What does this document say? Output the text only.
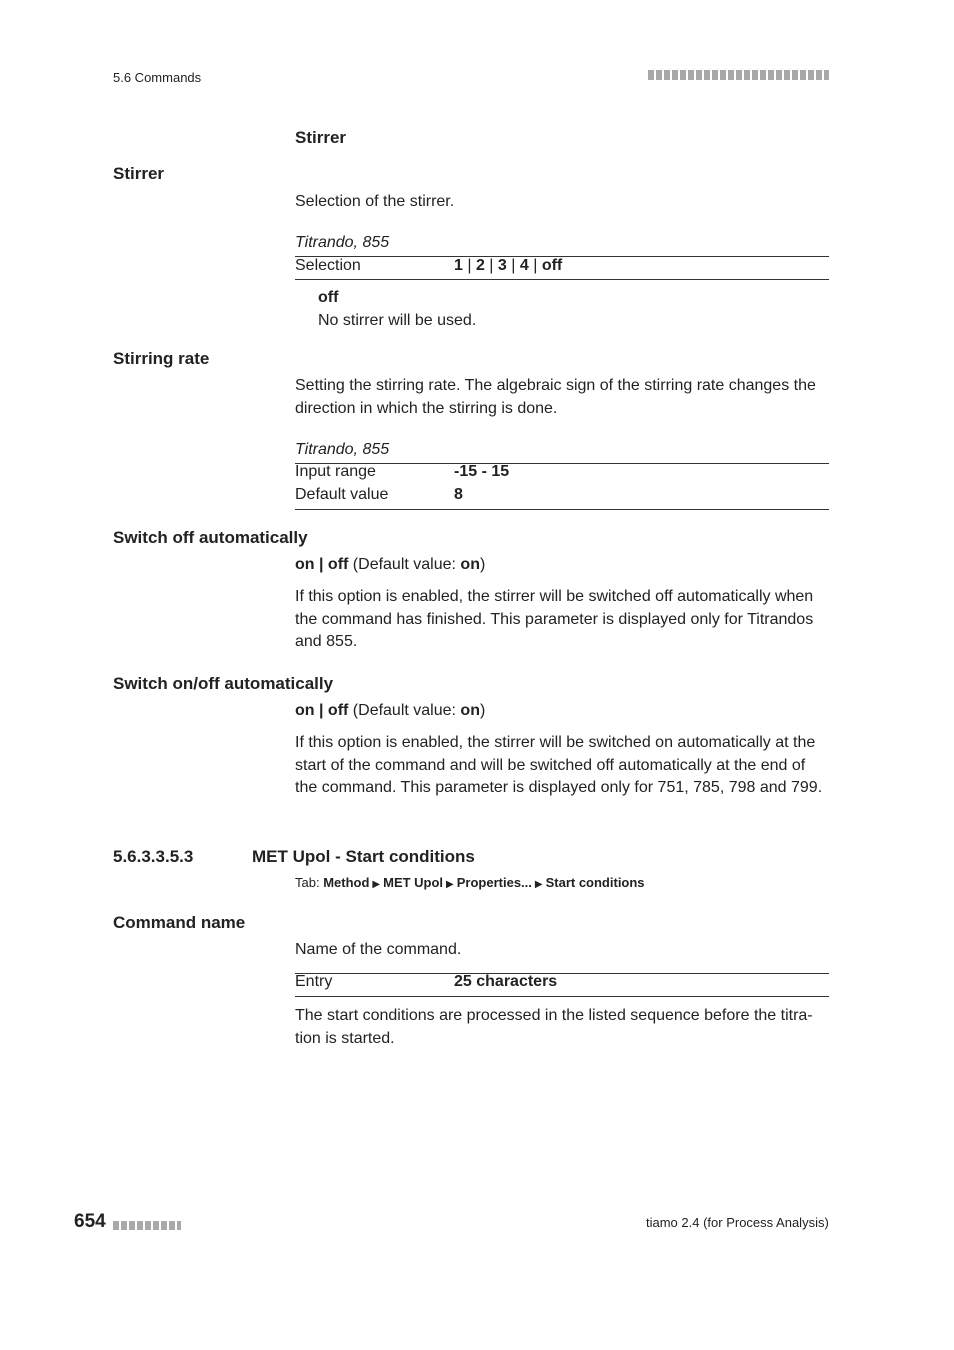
5.6 Commands
Stirrer
Stirrer
Selection of the stirrer.
Titrando, 855
Selection	1 | 2 | 3 | 4 | off
off
No stirrer will be used.
Stirring rate
Setting the stirring rate. The algebraic sign of the stirring rate changes the direction in which the stirring is done.
Titrando, 855
Input range	-15 - 15
Default value	8
Switch off automatically
on | off (Default value: on)
If this option is enabled, the stirrer will be switched off automatically when the command has finished. This parameter is displayed only for Titrandos and 855.
Switch on/off automatically
on | off (Default value: on)
If this option is enabled, the stirrer will be switched on automatically at the start of the command and will be switched off automatically at the end of the command. This parameter is displayed only for 751, 785, 798 and 799.
5.6.3.3.5.3	MET Upol - Start conditions
Tab: Method ▶ MET Upol ▶ Properties... ▶ Start conditions
Command name
Name of the command.
Entry	25 characters
The start conditions are processed in the listed sequence before the titra-tion is started.
654	tiamo 2.4 (for Process Analysis)
